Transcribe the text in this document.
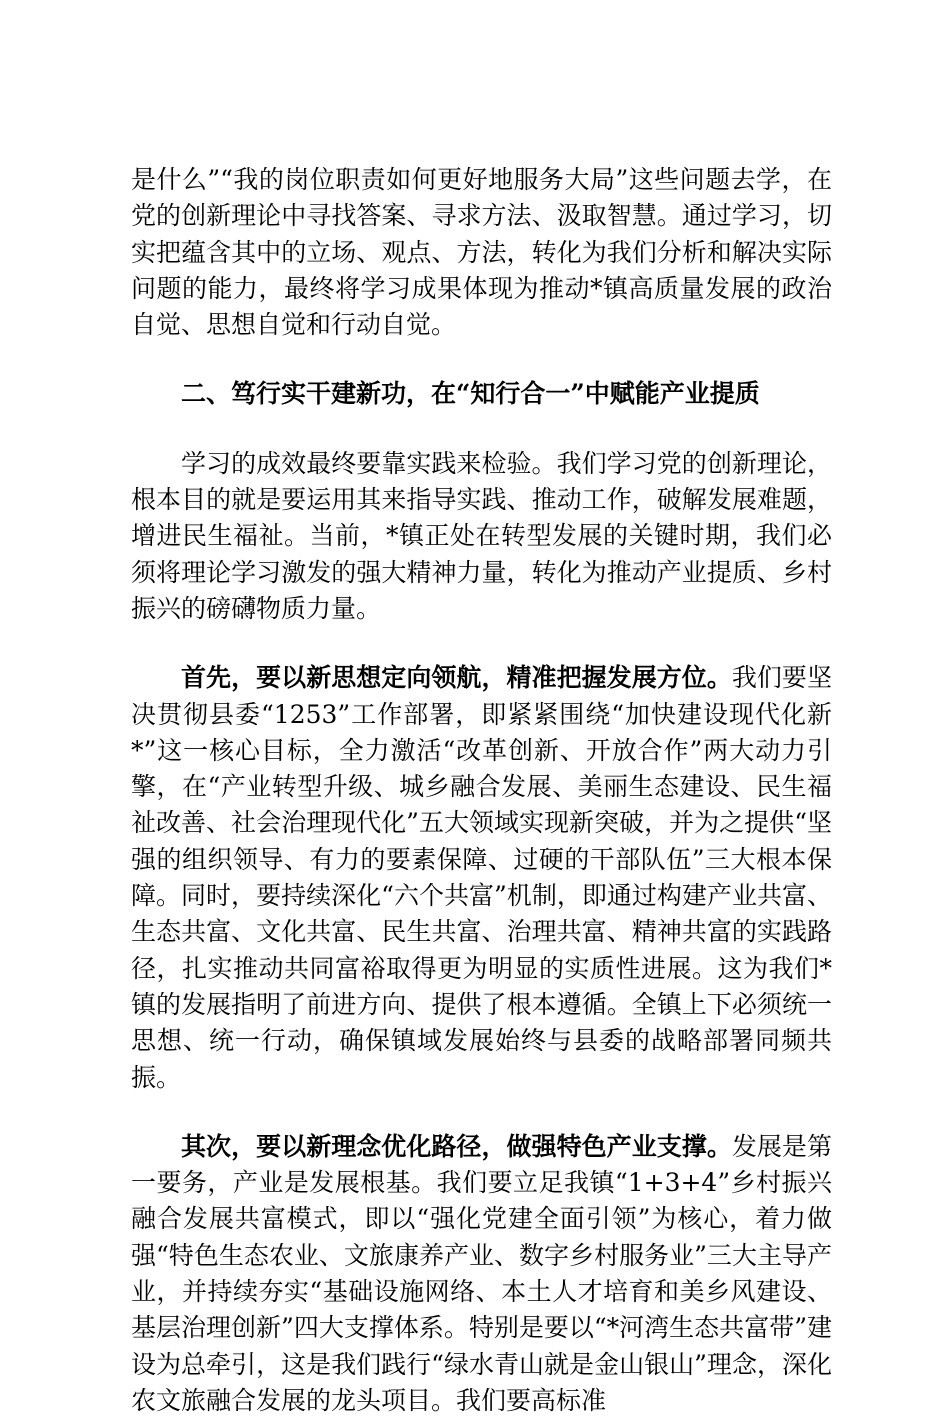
是什么”“我的岗位职责如何更好地服务大局”这些问题去学，在党的创新理论中寻找答案、寻求方法、汲取智慧。通过学习，切实把蕴含其中的立场、观点、方法，转化为我们分析和解决实际问题的能力，最终将学习成果体现为推动*镇高质量发展的政治自觉、思想自觉和行动自觉。

二、笃行实干建新功，在“知行合一”中赋能产业提质

学习的成效最终要靠实践来检验。我们学习党的创新理论，根本目的就是要运用其来指导实践、推动工作，破解发展难题，增进民生福祉。当前，*镇正处在转型发展的关键时期，我们必须将理论学习激发的强大精神力量，转化为推动产业提质、乡村振兴的磅礴物质力量。

首先，要以新思想定向领航，精准把握发展方位。我们要坚决贯彻县委“1253”工作部署，即紧紧围绕“加快建设现代化新*”这一核心目标，全力激活“改革创新、开放合作”两大动力引擎，在“产业转型升级、城乡融合发展、美丽生态建设、民生福祉改善、社会治理现代化”五大领域实现新突破，并为之提供“坚强的组织领导、有力的要素保障、过硬的干部队伍”三大根本保障。同时，要持续深化“六个共富”机制，即通过构建产业共富、生态共富、文化共富、民生共富、治理共富、精神共富的实践路径，扎实推动共同富裕取得更为明显的实质性进展。这为我们*镇的发展指明了前进方向、提供了根本遵循。全镇上下必须统一思想、统一行动，确保镇域发展始终与县委的战略部署同频共振。

其次，要以新理念优化路径，做强特色产业支撑。发展是第一要务，产业是发展根基。我们要立足我镇“1+3+4”乡村振兴融合发展共富模式，即以“强化党建全面引领”为核心，着力做强“特色生态农业、文旅康养产业、数字乡村服务业”三大主导产业，并持续夯实“基础设施网络、本土人才培育和美乡风建设、基层治理创新”四大支撑体系。特别是要以“*河湾生态共富带”建设为总牵引，这是我们践行“绿水青山就是金山银山”理念，深化农文旅融合发展的龙头项目。我们要高标准
